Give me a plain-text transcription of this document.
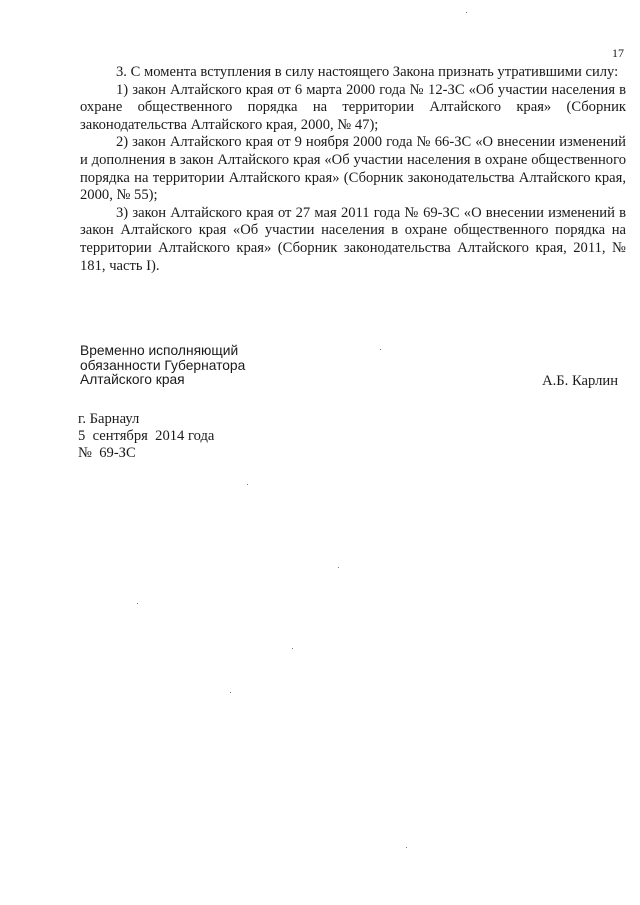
17

3. С момента вступления в силу настоящего Закона признать утратившими силу:

1) закон Алтайского края от 6 марта 2000 года № 12-ЗС «Об участии населения в охране общественного порядка на территории Алтайского края» (Сборник законодательства Алтайского края, 2000, № 47);

2) закон Алтайского края от 9 ноября 2000 года № 66-ЗС «О внесении изменений и дополнения в закон Алтайского края «Об участии населения в охране общественного порядка на территории Алтайского края» (Сборник законодательства Алтайского края, 2000, № 55);

3) закон Алтайского края от 27 мая 2011 года № 69-ЗС «О внесении изменений в закон Алтайского края «Об участии населения в охране общественного порядка на территории Алтайского края» (Сборник законодательства Алтайского края, 2011, № 181, часть I).

Временно исполняющий
обязанности Губернатора
Алтайского края	А.Б. Карлин
г. Барнаул
5  сентября  2014 года
№  69-ЗС
